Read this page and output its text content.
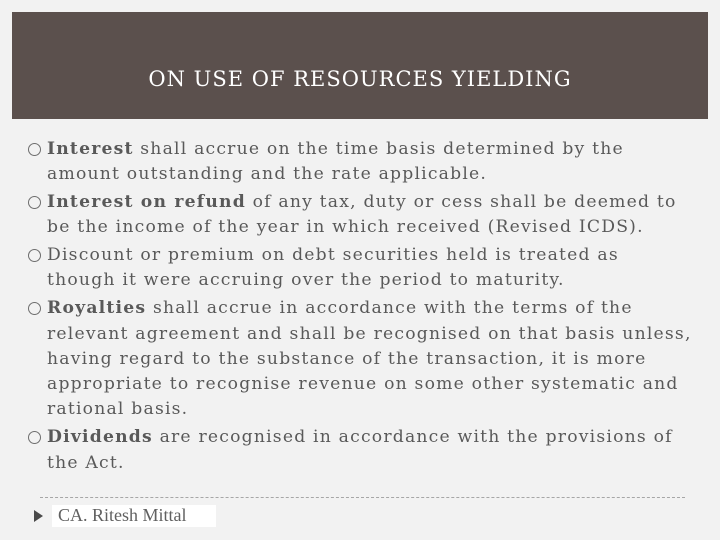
ON USE OF RESOURCES YIELDING
Interest shall accrue on the time basis determined by the amount outstanding and the rate applicable.
Interest on refund of any tax, duty or cess shall be deemed to be the income of the year in which received (Revised ICDS).
Discount or premium on debt securities held is treated as though it were accruing over the period to maturity.
Royalties shall accrue in accordance with the terms of the relevant agreement and shall be recognised on that basis unless, having regard to the substance of the transaction, it is more appropriate to recognise revenue on some other systematic and rational basis.
Dividends are recognised in accordance with the provisions of the Act.
CA. Ritesh Mittal
